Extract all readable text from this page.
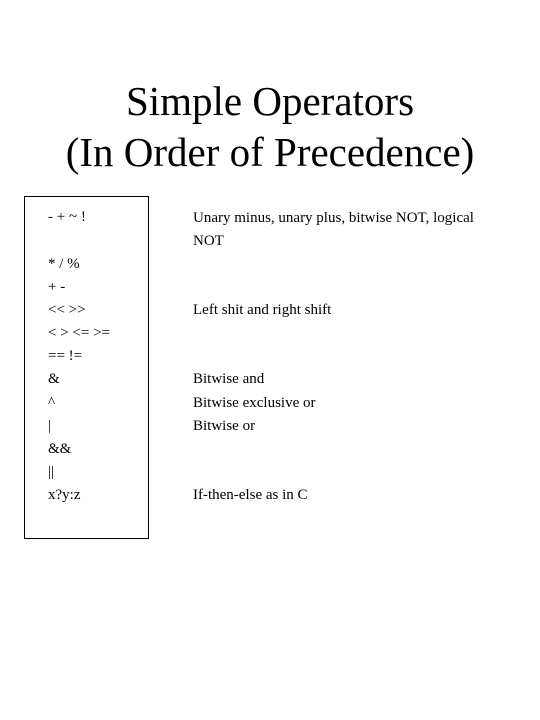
Simple Operators
(In Order of Precedence)
- + ~ !
* / %
+ -
<< >>
< > <= >=
== !=
&
^
|
&&
||
x?y:z
Unary minus, unary plus, bitwise NOT, logical NOT
Left shit and right shift
Bitwise and
Bitwise exclusive or
Bitwise or
If-then-else as in C
